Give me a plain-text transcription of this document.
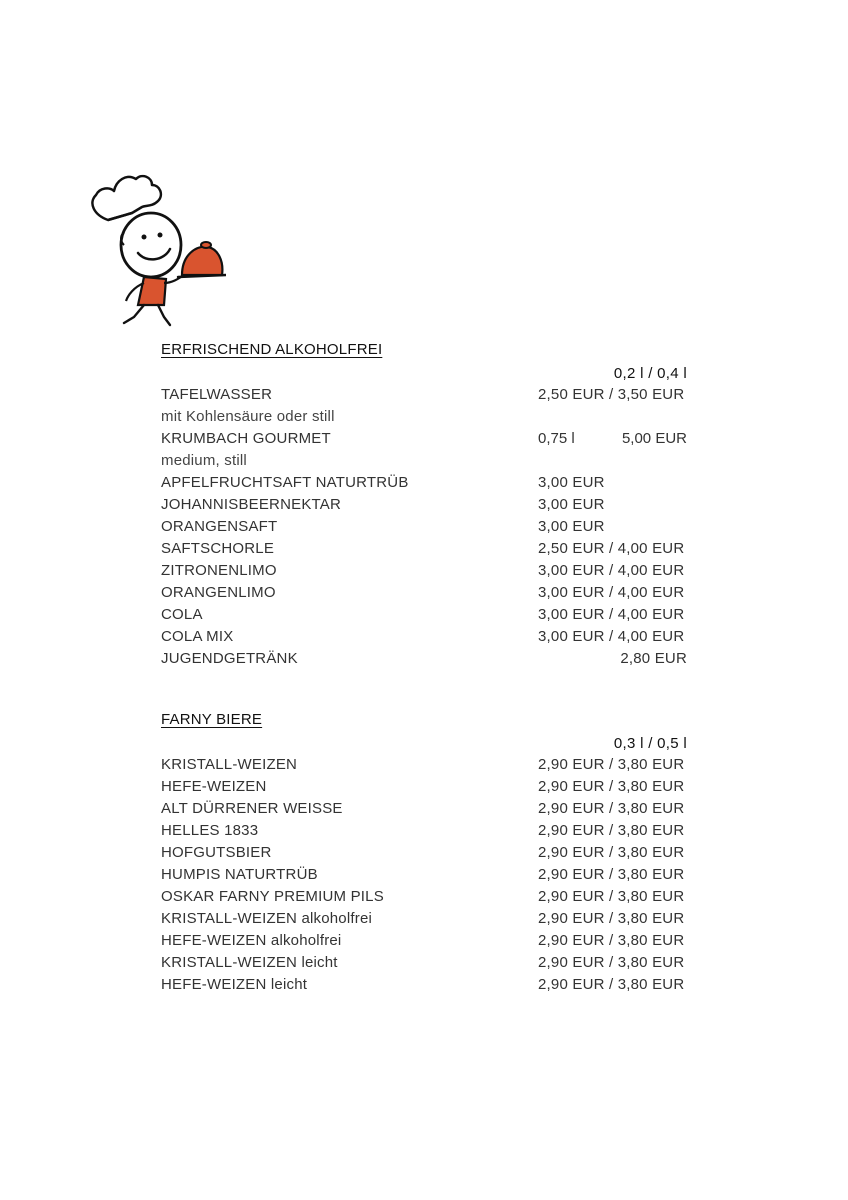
ERFRISCHEND ALKOHOLFREI
0,2 l / 0,4 l
TAFELWASSER	2,50 EUR / 3,50 EUR
mit Kohlensäure oder still
KRUMBACH GOURMET	0,75 l	5,00 EUR
medium, still
APFELFRUCHTSAFT NATURTRÜB	3,00 EUR
JOHANNISBEERNEKTAR	3,00 EUR
ORANGENSAFT	3,00 EUR
SAFTSCHORLE	2,50 EUR / 4,00 EUR
ZITRONENLIMO	3,00 EUR / 4,00 EUR
ORANGENLIMO	3,00 EUR / 4,00 EUR
COLA	3,00 EUR / 4,00 EUR
COLA MIX	3,00 EUR / 4,00 EUR
JUGENDGETRÄNK	2,80 EUR
FARNY BIERE
0,3 l / 0,5 l
KRISTALL-WEIZEN	2,90 EUR / 3,80 EUR
HEFE-WEIZEN	2,90 EUR / 3,80 EUR
ALT DÜRRENER WEISSE	2,90 EUR / 3,80 EUR
HELLES 1833	2,90 EUR / 3,80 EUR
HOFGUTSBIER	2,90 EUR / 3,80 EUR
HUMPIS NATURTRÜB	2,90 EUR / 3,80 EUR
OSKAR FARNY PREMIUM PILS	2,90 EUR / 3,80 EUR
KRISTALL-WEIZEN alkoholfrei	2,90 EUR / 3,80 EUR
HEFE-WEIZEN alkoholfrei	2,90 EUR / 3,80 EUR
KRISTALL-WEIZEN leicht	2,90 EUR / 3,80 EUR
HEFE-WEIZEN leicht	2,90 EUR / 3,80 EUR
